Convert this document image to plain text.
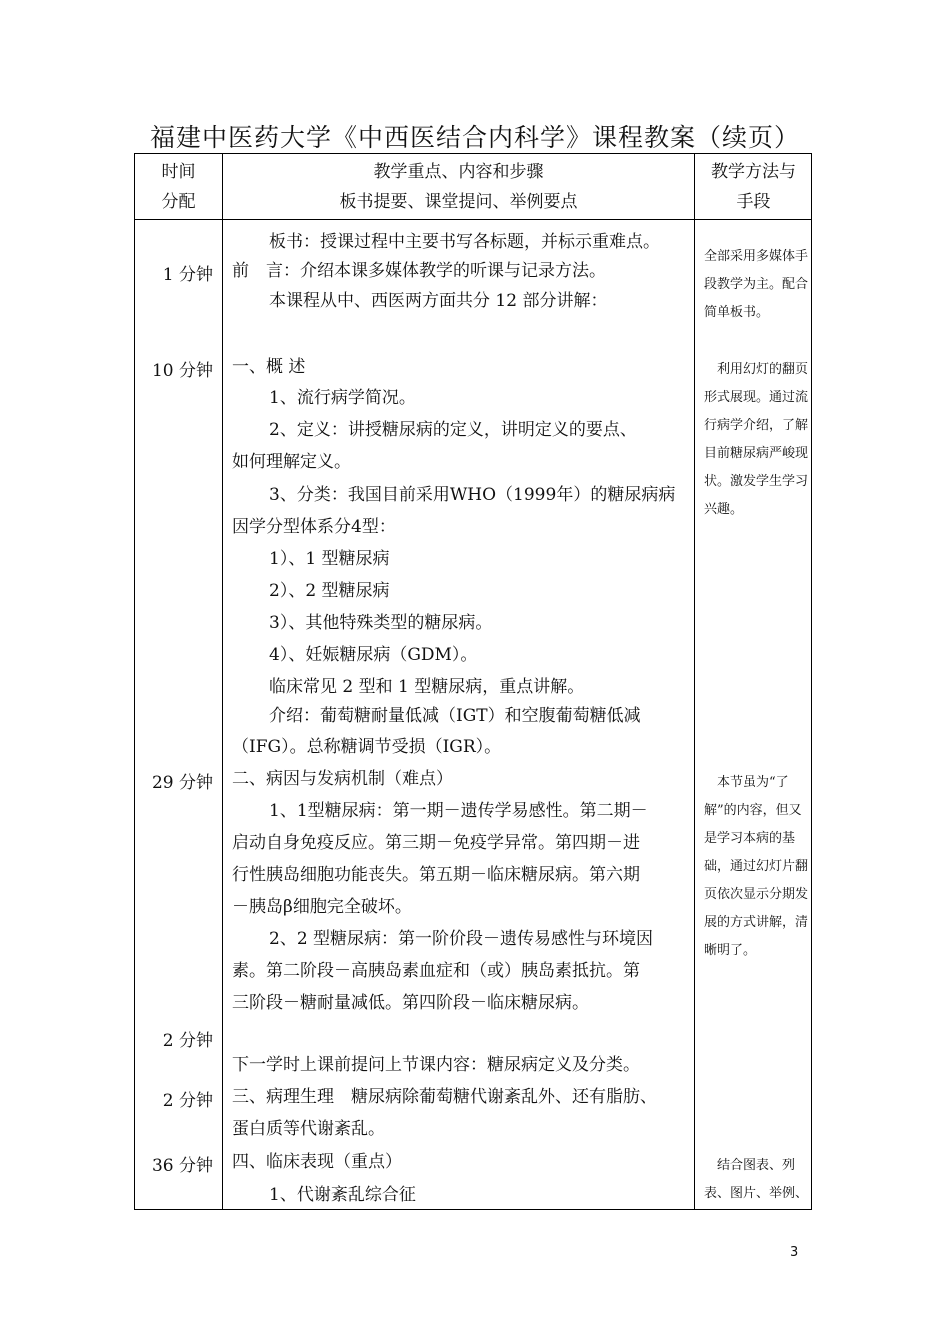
福建中医药大学《中西医结合内科学》课程教案（续页）
时间
分配
教学重点、内容和步骤
板书提要、课堂提问、举例要点
教学方法与
手段
1 分钟
10 分钟
29 分钟
2 分钟
2 分钟
36 分钟
板书：授课过程中主要书写各标题，并标示重难点。
前　言：介绍本课多媒体教学的听课与记录方法。
本课程从中、西医两方面共分 12 部分讲解：
一、概 述
1、流行病学简况。
2、定义：讲授糖尿病的定义，讲明定义的要点、
如何理解定义。
3、分类：我国目前采用WHO（1999年）的糖尿病病
因学分型体系分4型：
1）、1 型糖尿病
2）、2 型糖尿病
3）、其他特殊类型的糖尿病。
4）、妊娠糖尿病（GDM）。
临床常见 2 型和 1 型糖尿病，重点讲解。
介绍：葡萄糖耐量低减（IGT）和空腹葡萄糖低减
（IFG）。总称糖调节受损（IGR）。
二、病因与发病机制（难点）
1、1型糖尿病：第一期－遗传学易感性。第二期－
启动自身免疫反应。第三期－免疫学异常。第四期－进
行性胰岛细胞功能丧失。第五期－临床糖尿病。第六期
－胰岛β细胞完全破坏。
2、2 型糖尿病：第一阶价段－遗传易感性与环境因
素。第二阶段－高胰岛素血症和（或）胰岛素抵抗。第
三阶段－糖耐量减低。第四阶段－临床糖尿病。
下一学时上课前提问上节课内容：糖尿病定义及分类。
三、病理生理　糖尿病除葡萄糖代谢紊乱外、还有脂肪、
蛋白质等代谢紊乱。
四、临床表现（重点）
1、代谢紊乱综合征
全部采用多媒体手段教学为主。配合简单板书。
利用幻灯的翻页形式展现。通过流行病学介绍，了解目前糖尿病严峻现状。激发学生学习兴趣。
本节虽为“了解”的内容，但又是学习本病的基础，通过幻灯片翻页依次显示分期发展的方式讲解，清晰明了。
结合图表、列表、图片、举例、
3
